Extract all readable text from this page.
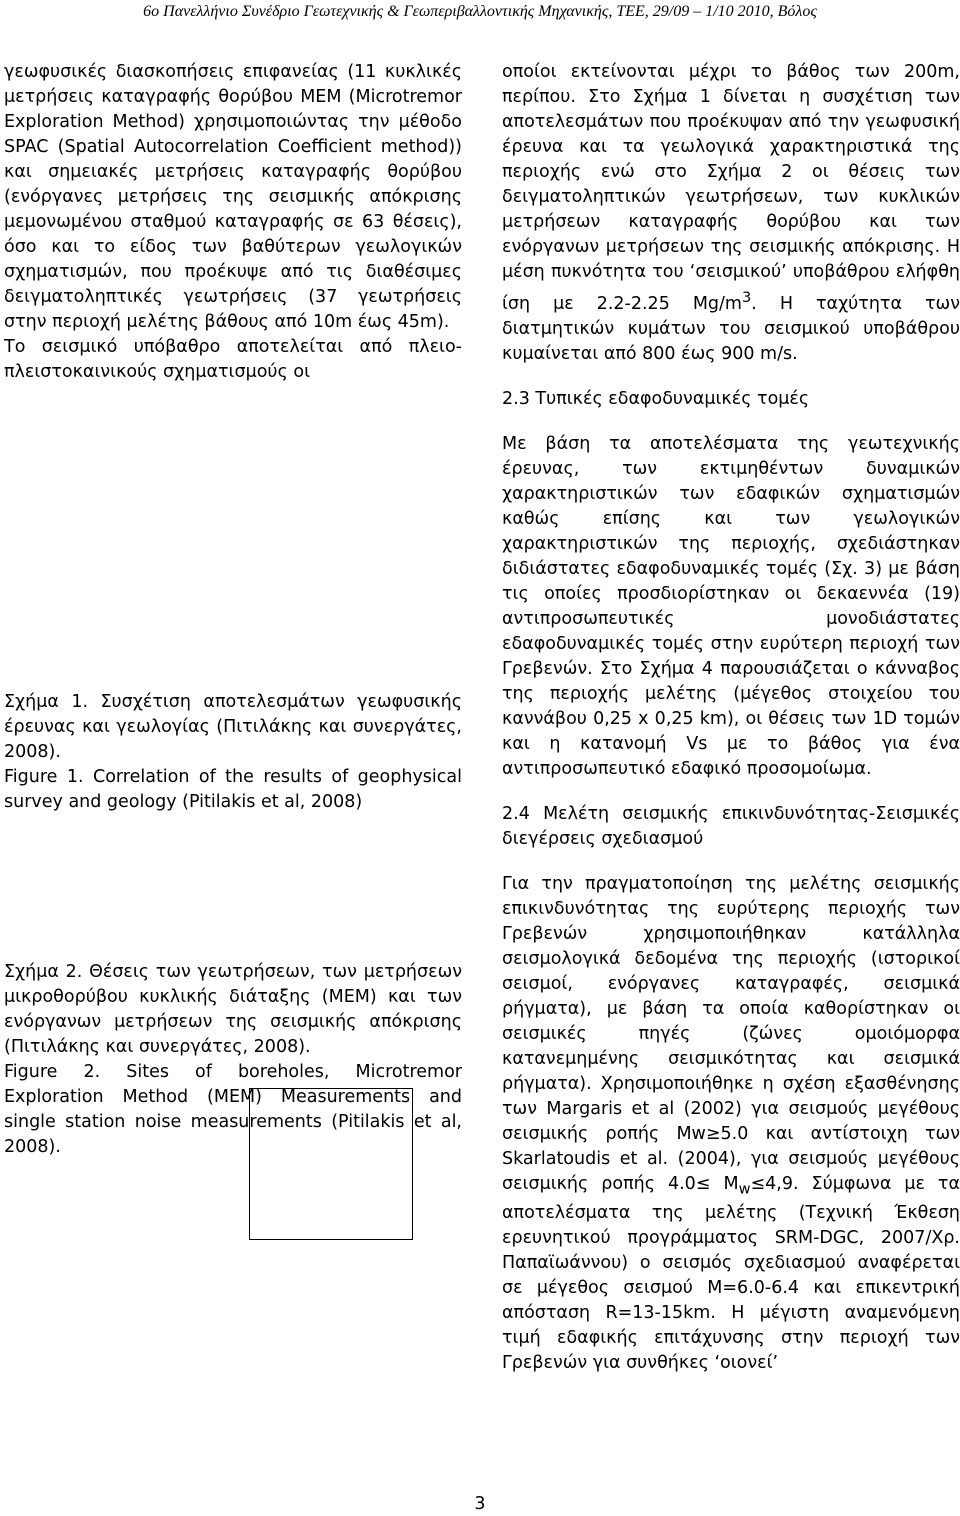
6ο Πανελλήνιο Συνέδριο Γεωτεχνικής & Γεωπεριβαλλοντικής Μηχανικής, ΤΕΕ, 29/09 – 1/10 2010, Βόλος

γεωφυσικές διασκοπήσεις επιφανείας (11 κυκλικές μετρήσεις καταγραφής θορύβου MEM (Microtremor Exploration Method) χρησιμοποιώντας την μέθοδο SPAC (Spatial Autocorrelation Coefficient method)) και σημειακές μετρήσεις καταγραφής θορύβου (ενόργανες μετρήσεις της σεισμικής απόκρισης μεμονωμένου σταθμού καταγραφής σε 63 θέσεις), όσο και το είδος των βαθύτερων γεωλογικών σχηματισμών, που προέκυψε από τις διαθέσιμες δειγματοληπτικές γεωτρήσεις (37 γεωτρήσεις στην περιοχή μελέτης βάθους από 10m έως 45m).

Το σεισμικό υπόβαθρο αποτελείται από πλειο-πλειστοκαινικούς σχηματισμούς οι

Σχήμα 1. Συσχέτιση αποτελεσμάτων γεωφυσικής έρευνας και γεωλογίας (Πιτιλάκης και συνεργάτες, 2008).

Figure 1. Correlation of the results of geophysical survey and geology (Pitilakis et al, 2008)

Σχήμα 2. Θέσεις των γεωτρήσεων, των μετρήσεων μικροθορύβου κυκλικής διάταξης (MEM) και των ενόργανων μετρήσεων της σεισμικής απόκρισης (Πιτιλάκης και συνεργάτες, 2008).

Figure 2. Sites of boreholes, Microtremor Exploration Method (MEM) Measurements and single station noise measurements (Pitilakis et al, 2008).

οποίοι εκτείνονται μέχρι το βάθος των 200m, περίπου. Στο Σχήμα 1 δίνεται η συσχέτιση των αποτελεσμάτων που προέκυψαν από την γεωφυσική έρευνα και τα γεωλογικά χαρακτηριστικά της περιοχής ενώ στο Σχήμα 2 οι θέσεις των δειγματοληπτικών γεωτρήσεων, των κυκλικών μετρήσεων καταγραφής θορύβου και των ενόργανων μετρήσεων της σεισμικής απόκρισης. Η μέση πυκνότητα του ‘σεισμικού’ υποβάθρου ελήφθη ίση με 2.2-2.25 $Mg/m^3$. Η ταχύτητα των διατμητικών κυμάτων του σεισμικού υποβάθρου κυμαίνεται από 800 έως 900 m/s.

2.3 Τυπικές εδαφοδυναμικές τομές

Με βάση τα αποτελέσματα της γεωτεχνικής έρευνας, των εκτιμηθέντων δυναμικών χαρακτηριστικών των εδαφικών σχηματισμών καθώς επίσης και των γεωλογικών χαρακτηριστικών της περιοχής, σχεδιάστηκαν διδιάστατες εδαφοδυναμικές τομές (Σχ. 3) με βάση τις οποίες προσδιορίστηκαν οι δεκαεννέα (19) αντιπροσωπευτικές μονοδιάστατες εδαφοδυναμικές τομές στην ευρύτερη περιοχή των Γρεβενών. Στο Σχήμα 4 παρουσιάζεται ο κάνναβος της περιοχής μελέτης (μέγεθος στοιχείου του καννάβου 0,25 x 0,25 km), οι θέσεις των 1D τομών και η κατανομή Vs με το βάθος για ένα αντιπροσωπευτικό εδαφικό προσομοίωμα.

2.4 Μελέτη σεισμικής επικινδυνότητας-Σεισμικές διεγέρσεις σχεδιασμού

Για την πραγματοποίηση της μελέτης σεισμικής επικινδυνότητας της ευρύτερης περιοχής των Γρεβενών χρησιμοποιήθηκαν κατάλληλα σεισμολογικά δεδομένα της περιοχής (ιστορικοί σεισμοί, ενόργανες καταγραφές, σεισμικά ρήγματα), με βάση τα οποία καθορίστηκαν οι σεισμικές πηγές (ζώνες ομοιόμορφα κατανεμημένης σεισμικότητας και σεισμικά ρήγματα). Χρησιμοποιήθηκε η σχέση εξασθένησης των Margaris et al (2002) για σεισμούς μεγέθους σεισμικής ροπής Mw≥5.0 και αντίστοιχη των Skarlatoudis et al. (2004), για σεισμούς μεγέθους σεισμικής ροπής $4.0\le M_w\le 4,9$. Σύμφωνα με τα αποτελέσματα της μελέτης (Τεχνική Έκθεση ερευνητικού προγράμματος SRM-DGC, 2007/Χρ. Παπαϊωάννου) ο σεισμός σχεδιασμού αναφέρεται σε μέγεθος σεισμού M=6.0-6.4 και επικεντρική απόσταση R=13-15km. Η μέγιστη αναμενόμενη τιμή εδαφικής επιτάχυνσης στην περιοχή των Γρεβενών για συνθήκες ‘οιονεί’

3
